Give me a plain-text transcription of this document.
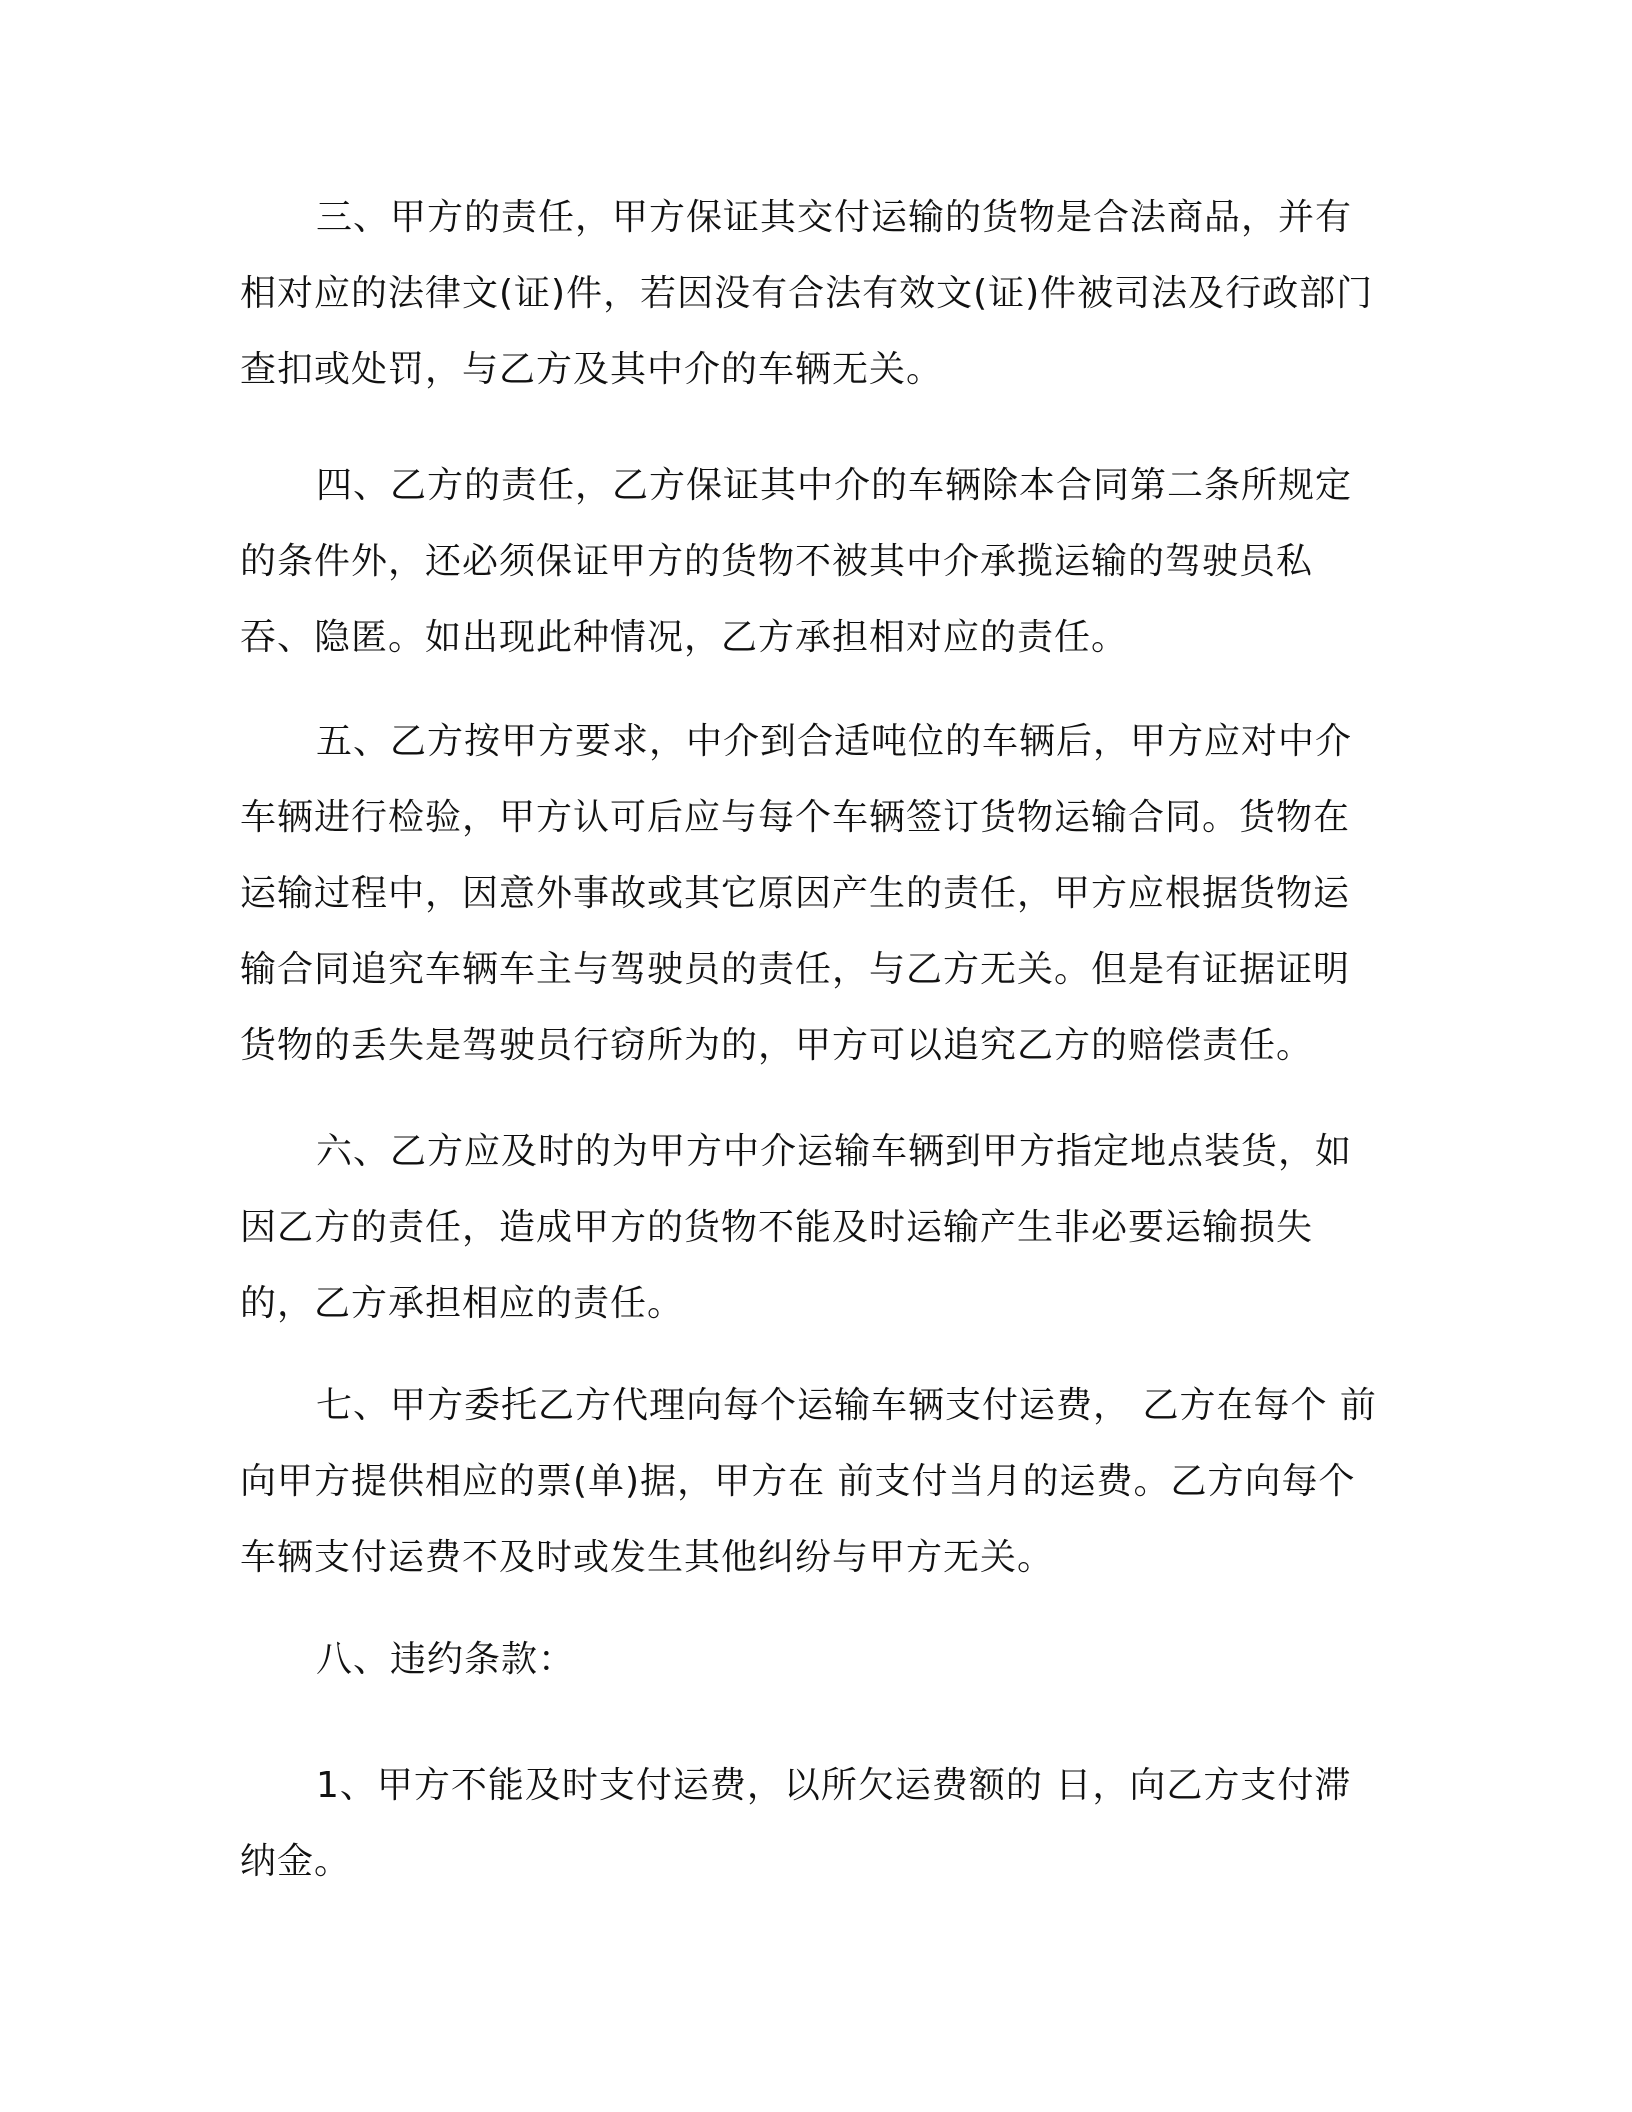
三、甲方的责任，甲方保证其交付运输的货物是合法商品，并有相对应的法律文(证)件，若因没有合法有效文(证)件被司法及行政部门查扣或处罚，与乙方及其中介的车辆无关。

四、乙方的责任，乙方保证其中介的车辆除本合同第二条所规定的条件外，还必须保证甲方的货物不被其中介承揽运输的驾驶员私吞、隐匿。如出现此种情况，乙方承担相对应的责任。

五、乙方按甲方要求，中介到合适吨位的车辆后，甲方应对中介车辆进行检验，甲方认可后应与每个车辆签订货物运输合同。货物在运输过程中，因意外事故或其它原因产生的责任，甲方应根据货物运输合同追究车辆车主与驾驶员的责任，与乙方无关。但是有证据证明货物的丢失是驾驶员行窃所为的，甲方可以追究乙方的赔偿责任。

六、乙方应及时的为甲方中介运输车辆到甲方指定地点装货，如因乙方的责任，造成甲方的货物不能及时运输产生非必要运输损失的，乙方承担相应的责任。

七、甲方委托乙方代理向每个运输车辆支付运费， 乙方在每个 前向甲方提供相应的票(单)据，甲方在 前支付当月的运费。乙方向每个车辆支付运费不及时或发生其他纠纷与甲方无关。

八、违约条款：

1、甲方不能及时支付运费，以所欠运费额的 日，向乙方支付滞纳金。
